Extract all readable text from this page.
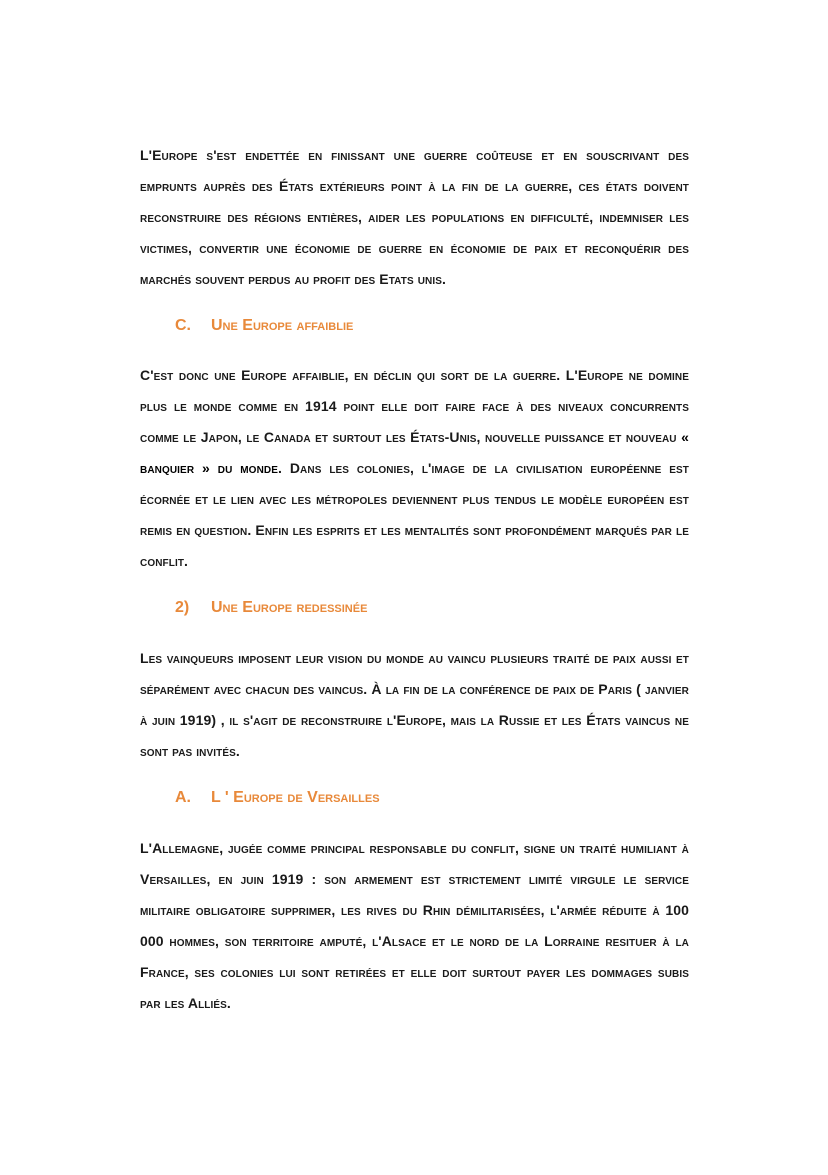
L'Europe s'est endettée en finissant une guerre coûteuse et en souscrivant des emprunts auprès des États extérieurs point à la fin de la guerre, ces états doivent reconstruire des régions entières, aider les populations en difficulté, indemniser les victimes, convertir une économie de guerre en économie de paix et reconquérir des marchés souvent perdus au profit des Etats unis.

C.	Une Europe affaiblie

C'est donc une Europe affaiblie, en déclin qui sort de la guerre. L'Europe ne domine plus le monde comme en 1914 point elle doit faire face à des niveaux concurrents comme le Japon, le Canada et surtout les États-Unis, nouvelle puissance et nouveau « banquier » du monde. Dans les colonies, l'image de la civilisation européenne est écornée et le lien avec les métropoles deviennent plus tendus le modèle européen est remis en question. Enfin les esprits et les mentalités sont profondément marqués par le conflit.

2)	Une Europe redessinée

Les vainqueurs imposent leur vision du monde au vaincu plusieurs traité de paix aussi et séparément avec chacun des vaincus. À la fin de la conférence de paix de Paris ( janvier à juin 1919) , il s'agit de reconstruire l'Europe, mais la Russie et les États vaincus ne sont pas invités.

A.	L ' Europe de Versailles

L'Allemagne, jugée comme principal responsable du conflit, signe un traité humiliant à Versailles, en juin 1919 : son armement est strictement limité virgule le service militaire obligatoire supprimer, les rives du Rhin démilitarisées, l'armée réduite à 100 000 hommes, son territoire amputé, l'Alsace et le nord de la Lorraine resituer à la France, ses colonies lui sont retirées et elle doit surtout payer les dommages subis par les Alliés.
